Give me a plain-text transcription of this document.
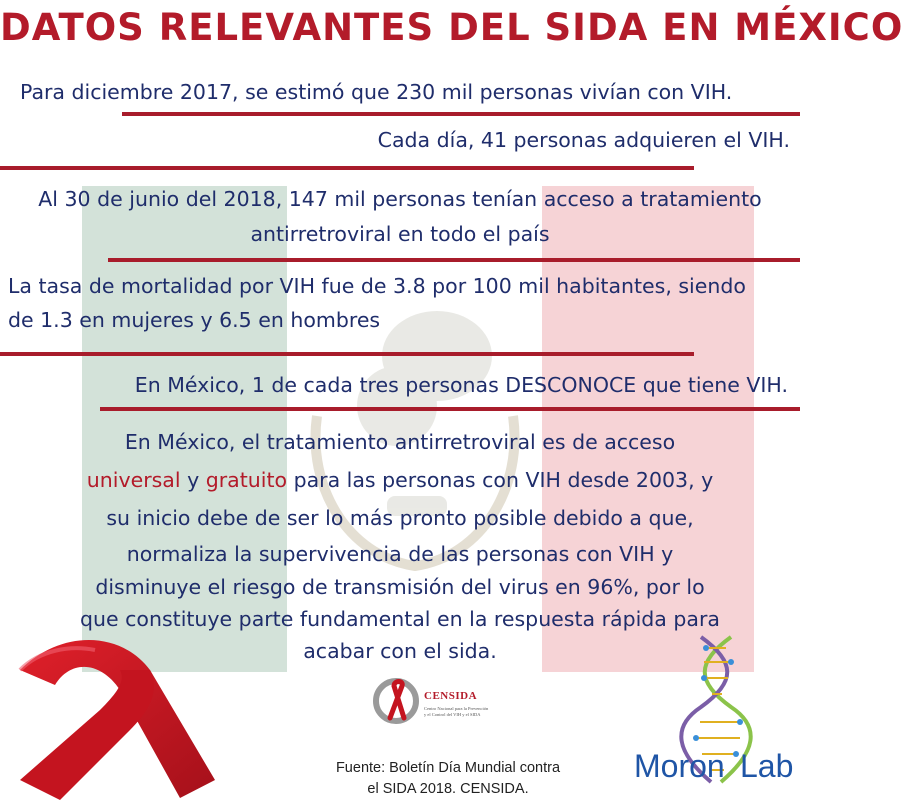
DATOS RELEVANTES DEL SIDA EN MÉXICO
Para diciembre 2017, se estimó que 230 mil personas vivían con VIH.
Cada día, 41 personas adquieren el VIH.
Al 30 de junio del 2018, 147 mil personas tenían acceso a tratamiento
antirretroviral en todo el país
La tasa de mortalidad por VIH fue de 3.8 por 100 mil habitantes, siendo
de 1.3 en mujeres y 6.5 en hombres
En México, 1 de cada tres personas DESCONOCE que tiene VIH.
En México, el tratamiento antirretroviral es de acceso
universal y gratuito para las personas con VIH desde 2003, y
su inicio debe de ser lo más pronto posible debido a que,
normaliza la supervivencia de las personas con VIH y
disminuye el riesgo de transmisión del virus en 96%, por lo
que constituye parte fundamental en la respuesta rápida para
acabar con el sida.
CENSIDA
Centro Nacional para la Prevención
y el Control del VIH y el SIDA
Fuente: Boletín Día Mundial contra
el SIDA 2018. CENSIDA.
Moron Lab
